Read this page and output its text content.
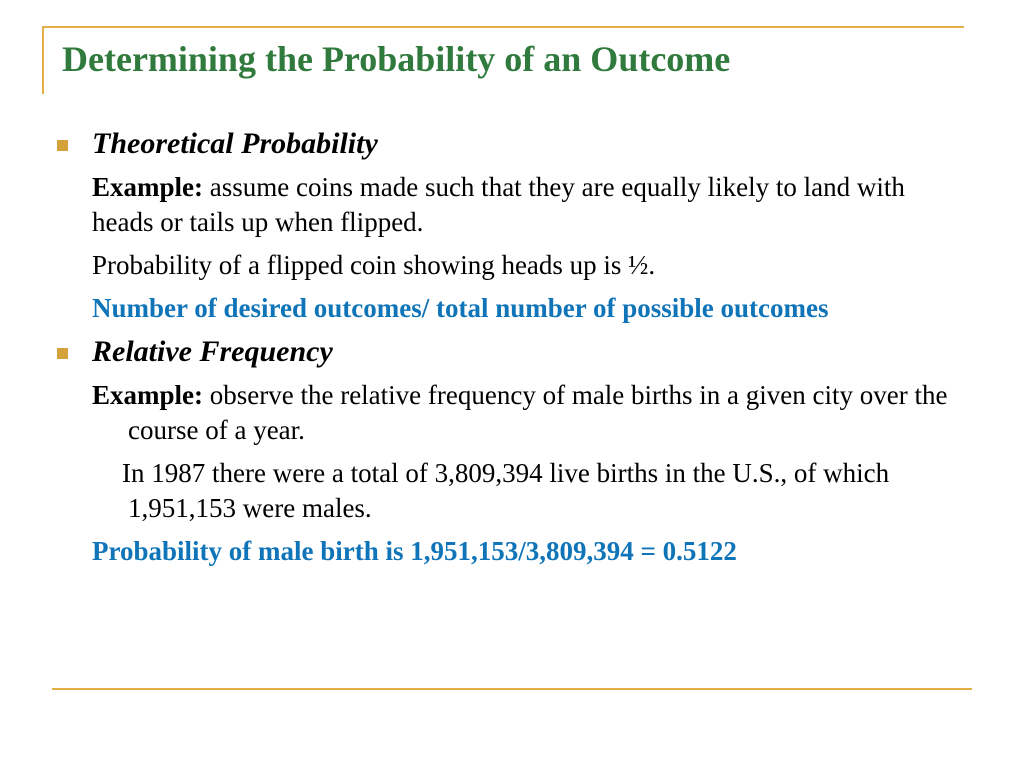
Determining the Probability of an Outcome
Theoretical Probability
Example: assume coins made such that they are equally likely to land with heads or tails up when flipped.
Probability of a flipped coin showing heads up is ½.
Number of desired outcomes/ total number of possible outcomes
Relative Frequency
Example: observe the relative frequency of male births in a given city over the course of a year.
In 1987 there were a total of 3,809,394 live births in the U.S., of which 1,951,153 were males.
Probability of male birth is 1,951,153/3,809,394 = 0.5122
